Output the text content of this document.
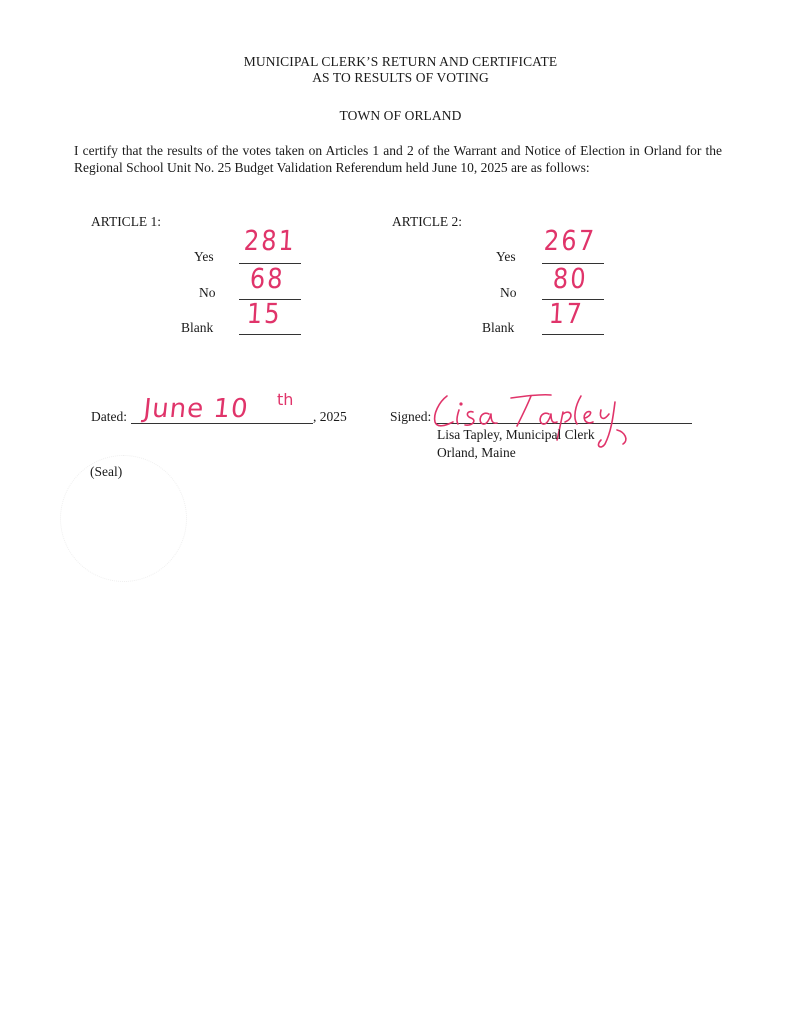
MUNICIPAL CLERK’S RETURN AND CERTIFICATE
AS TO RESULTS OF VOTING
TOWN OF ORLAND
I certify that the results of the votes taken on Articles 1 and 2 of the Warrant and Notice of Election in Orland for the Regional School Unit No. 25 Budget Validation Referendum held June 10, 2025 are as follows:
ARTICLE 1:
Yes 281
No 68
Blank 15
ARTICLE 2:
Yes 267
No 80
Blank 17
Dated: June 10 th
, 2025	Signed:
Lisa Tapley, Municipal Clerk
Orland, Maine
(Seal)
